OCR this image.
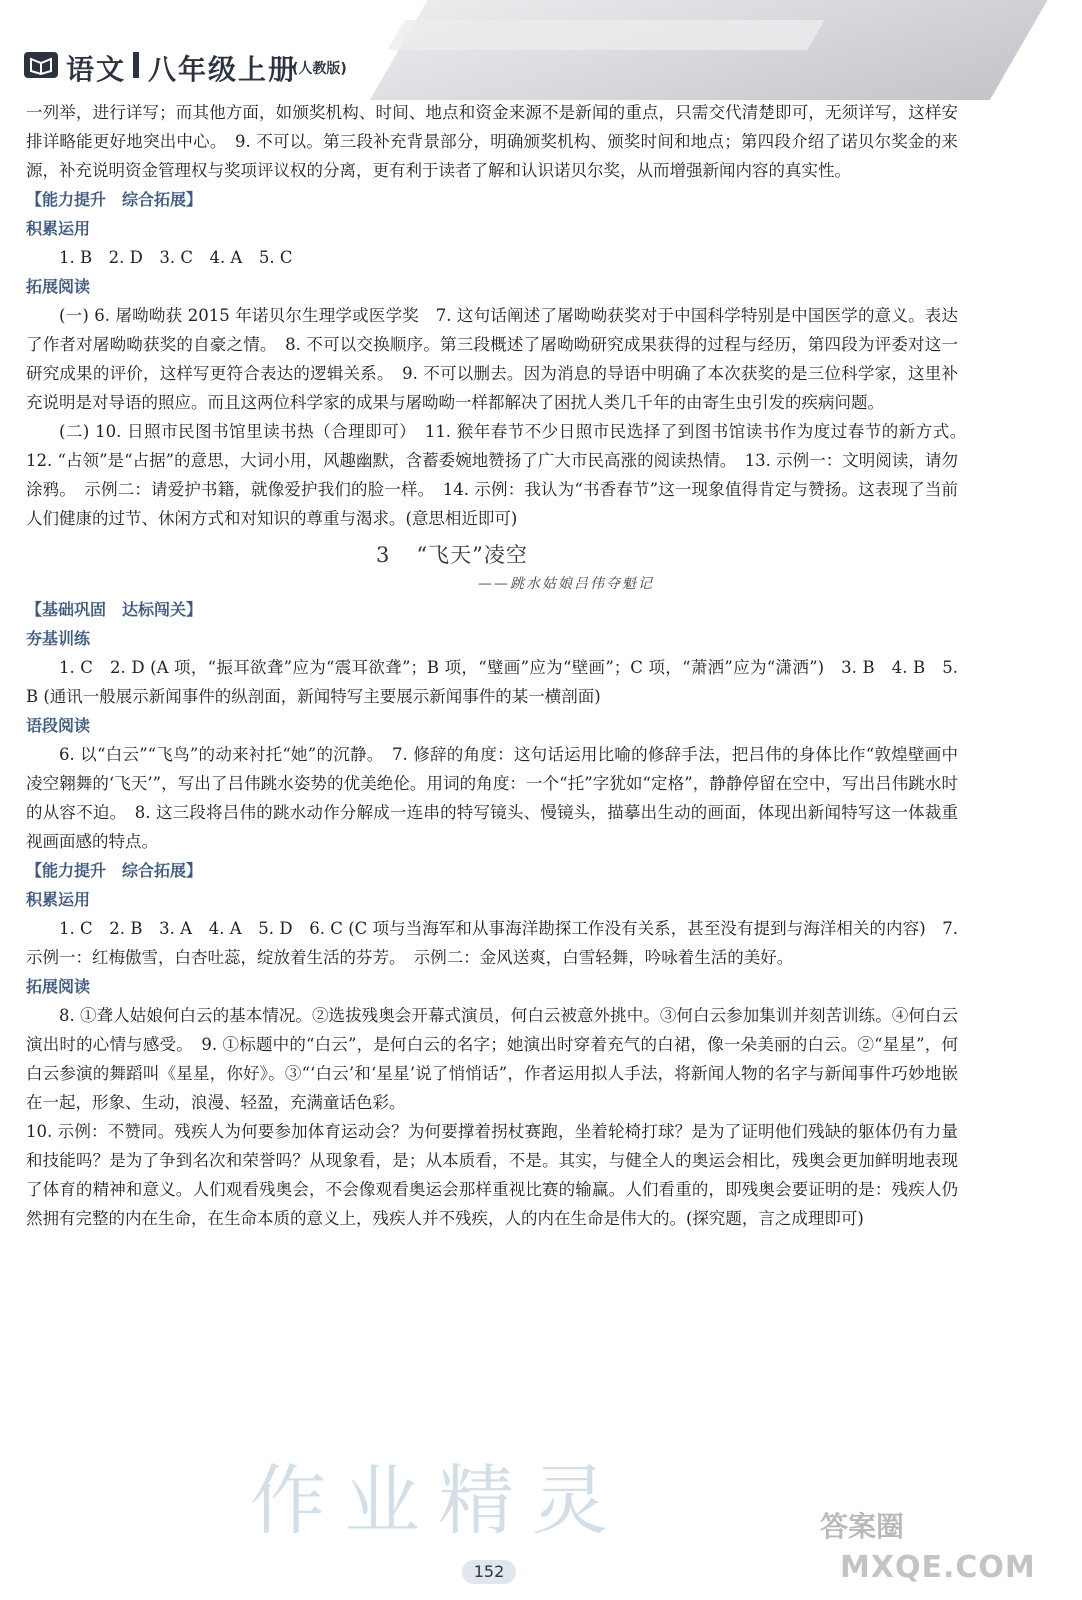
语文 八年级上册
(人教版)

一列举，进行详写；而其他方面，如颁奖机构、时间、地点和资金来源不是新闻的重点，只需交代清楚即可，无须详写，这样安排详略能更好地突出中心。　9. 不可以。第三段补充背景部分，明确颁奖机构、颁奖时间和地点；第四段介绍了诺贝尔奖金的来源，补充说明资金管理权与奖项评议权的分离，更有利于读者了解和认识诺贝尔奖，从而增强新闻内容的真实性。

【能力提升　综合拓展】

积累运用

1. B　2. D　3. C　4. A　5. C

拓展阅读

(一) 6. 屠呦呦获 2015 年诺贝尔生理学或医学奖　7. 这句话阐述了屠呦呦获奖对于中国科学特别是中国医学的意义。表达了作者对屠呦呦获奖的自豪之情。　8. 不可以交换顺序。第三段概述了屠呦呦研究成果获得的过程与经历，第四段为评委对这一研究成果的评价，这样写更符合表达的逻辑关系。　9. 不可以删去。因为消息的导语中明确了本次获奖的是三位科学家，这里补充说明是对导语的照应。而且这两位科学家的成果与屠呦呦一样都解决了困扰人类几千年的由寄生虫引发的疾病问题。

(二) 10. 日照市民图书馆里读书热（合理即可）　11. 猴年春节不少日照市民选择了到图书馆读书作为度过春节的新方式。　12. “占领”是“占据”的意思，大词小用，风趣幽默，含蓄委婉地赞扬了广大市民高涨的阅读热情。　13. 示例一：文明阅读，请勿涂鸦。　示例二：请爱护书籍，就像爱护我们的脸一样。　14. 示例：我认为“书香春节”这一现象值得肯定与赞扬。这表现了当前人们健康的过节、休闲方式和对知识的尊重与渴求。(意思相近即可)

3 “飞天”凌空
——跳水姑娘吕伟夺魁记

【基础巩固　达标闯关】

夯基训练

1. C　2. D (A 项，“振耳欲聋”应为“震耳欲聋”；B 项，“璧画”应为“壁画”；C 项，“萧洒”应为“潇洒”)　3. B　4. B　5. B (通讯一般展示新闻事件的纵剖面，新闻特写主要展示新闻事件的某一横剖面)

语段阅读

6. 以“白云”“飞鸟”的动来衬托“她”的沉静。　7. 修辞的角度：这句话运用比喻的修辞手法，把吕伟的身体比作“敦煌壁画中凌空翱舞的‘飞天’”，写出了吕伟跳水姿势的优美绝伦。用词的角度：一个“托”字犹如“定格”，静静停留在空中，写出吕伟跳水时的从容不迫。　8. 这三段将吕伟的跳水动作分解成一连串的特写镜头、慢镜头，描摹出生动的画面，体现出新闻特写这一体裁重视画面感的特点。

【能力提升　综合拓展】

积累运用

1. C　2. B　3. A　4. A　5. D　6. C (C 项与当海军和从事海洋勘探工作没有关系，甚至没有提到与海洋相关的内容)　7. 示例一：红梅傲雪，白杏吐蕊，绽放着生活的芬芳。　示例二：金风送爽，白雪轻舞，吟咏着生活的美好。

拓展阅读

8. ①聋人姑娘何白云的基本情况。②选拔残奥会开幕式演员，何白云被意外挑中。③何白云参加集训并刻苦训练。④何白云演出时的心情与感受。　9. ①标题中的“白云”，是何白云的名字；她演出时穿着充气的白裙，像一朵美丽的白云。②“星星”，何白云参演的舞蹈叫《星星，你好》。③“‘白云’和‘星星’说了悄悄话”，作者运用拟人手法，将新闻人物的名字与新闻事件巧妙地嵌在一起，形象、生动，浪漫、轻盈，充满童话色彩。

10. 示例：不赞同。残疾人为何要参加体育运动会？为何要撑着拐杖赛跑，坐着轮椅打球？是为了证明他们残缺的躯体仍有力量和技能吗？是为了争到名次和荣誉吗？从现象看，是；从本质看，不是。其实，与健全人的奥运会相比，残奥会更加鲜明地表现了体育的精神和意义。人们观看残奥会，不会像观看奥运会那样重视比赛的输赢。人们看重的，即残奥会要证明的是：残疾人仍然拥有完整的内在生命，在生命本质的意义上，残疾人并不残疾，人的内在生命是伟大的。(探究题，言之成理即可)

作业精灵	答案圈
MXQE.COM
152
